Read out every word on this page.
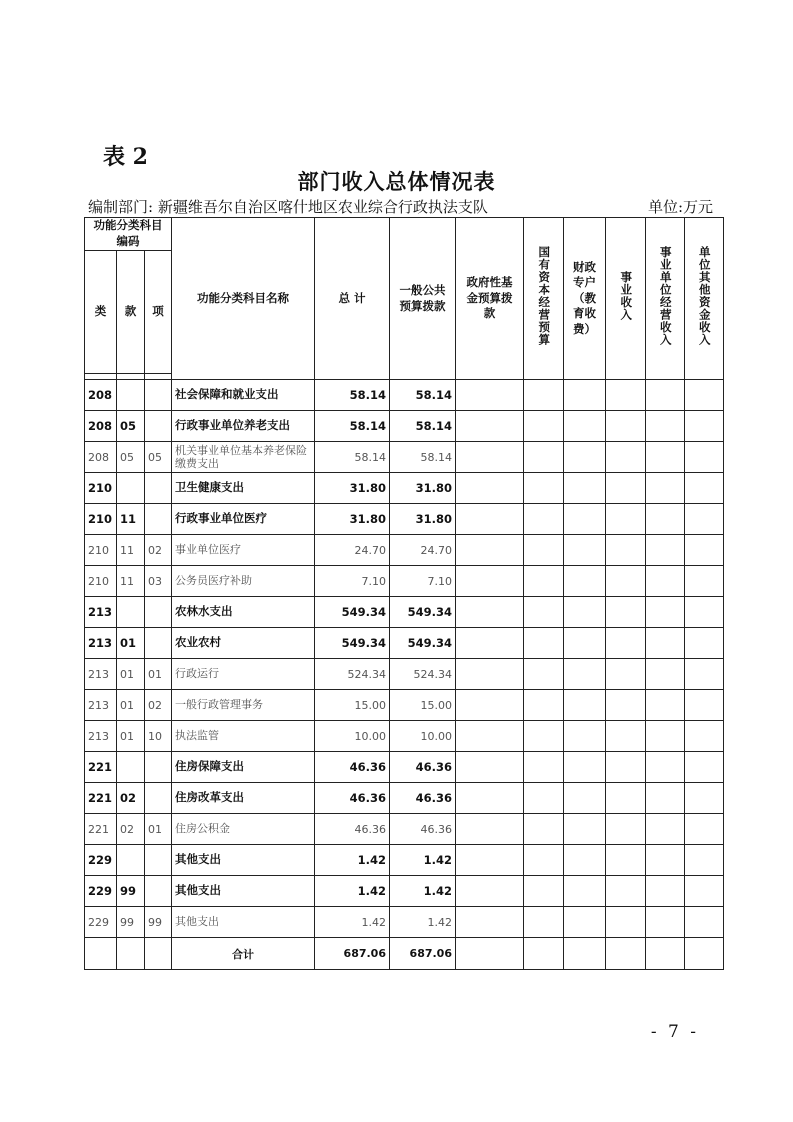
表 2
部门收入总体情况表
编制部门: 新疆维吾尔自治区喀什地区农业综合行政执法支队	单位:万元
功能分类科目编码			功能分类科目名称	总 计	一般公共预算拨款	政府性基金预算拨款	国有资本经营预算	财政专户（教育收费）	事业收入	事业单位经营收入	单位其他资金收入
类	款	项									

208			社会保障和就业支出	58.14	58.14						
208	05		行政事业单位养老支出	58.14	58.14						
208	05	05	机关事业单位基本养老保险缴费支出	58.14	58.14						
210			卫生健康支出	31.80	31.80						
210	11		行政事业单位医疗	31.80	31.80						
210	11	02	事业单位医疗	24.70	24.70						
210	11	03	公务员医疗补助	7.10	7.10						
213			农林水支出	549.34	549.34						
213	01		农业农村	549.34	549.34						
213	01	01	行政运行	524.34	524.34						
213	01	02	一般行政管理事务	15.00	15.00						
213	01	10	执法监管	10.00	10.00						
221			住房保障支出	46.36	46.36						
221	02		住房改革支出	46.36	46.36						
221	02	01	住房公积金	46.36	46.36						
229			其他支出	1.42	1.42						
229	99		其他支出	1.42	1.42						
229	99	99	其他支出	1.42	1.42						
			合计	687.06	687.06						
- 7 -
